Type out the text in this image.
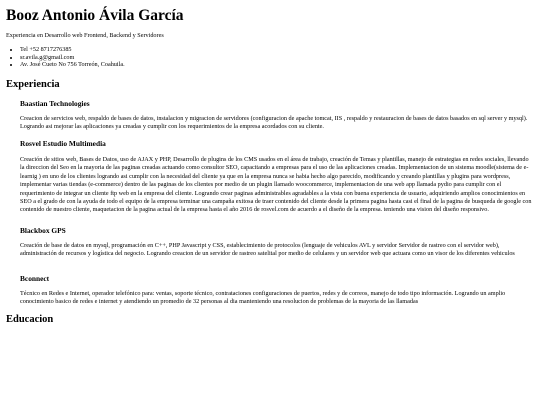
Booz Antonio Ávila García

Experiencia en Desarrollo web Frontend, Backend y Servidores

• Tel +52 8717276385
• sr.avila.g@gmail.com
• Av. José Cueto No 756 Torreón, Coahuila.
Experiencia
Baastian Technologies

Creacion de servicios web, respaldo de bases de datos, instalacion y migracion de servidores (configuracion de apache tomcat, IIS , respaldo y restauracion de bases de datos basados en sql server y mysql). Logrando asi mejorar las aplicaciones ya creadas y cumplir con los requerimientos de la empresa acordados con su cliente.

Rosvel Estudio Multimedia

Creación de sitios web, Bases de Datos, uso de AJAX y PHP, Desarrollo de plugins de los CMS usados en el área de trabajo, creación de Temas y plantillas, manejo de estrategias en redes sociales, llevando la direccion del Seo en la mayoria de las paginas creadas actuando como consultor SEO, capacitando a empresas para el uso de las aplicaciones creadas. Implementacion de un sistema moodle(sistema de e-learnig ) en uno de los clientes logrando asi cumplir con la necesidad del cliente ya que en la empresa nunca se habia hecho algo parecido, modificando y creando plantillas y plugins para wordpress, implementar varias tiendas (e-commerce) dentro de las paginas de los clientes por medio de un plugin llamado woocommerce, implementacion de una web app llamada pydio para cumplir con el requerimiento de integrar un cliente ftp web en la empresa del cliente. Logrando crear paginas administrables agradables a la vista con buena experiencia de usuario, adquiriendo amplios conocimientos en SEO a el grado de con la ayuda de todo el equipo de la empresa terminar una campaña exitosa de traer contenido del cliente desde la primera pagina hasta casi el final de la pagina de busqueda de google con contenido de nuestro cliente, maquetacion de la pagina actual de la empresa hasta el año 2016 de rosvel.com de acuerdo a el diseño de la empresa. teniendo una vision del diseño responsivo.

Blackbox GPS

Creación de base de datos en mysql, programación en C++, PHP Javascript y CSS, establecimiento de protocolos (lenguaje de vehiculos AVL y servidor Servidor de rastreo con el servidor web), administración de recursos y logística del negocio. Logrando creacion de un servidor de rastreo satelital por medio de celulares y un servidor web que actuara como un visor de los diferentes vehiculos

Bconnect

Técnico en Redes e Internet, operador telefónico para: ventas, soporte técnico, contrataciones configuraciones de puertos, redes y de correos, manejo de todo tipo información. Logrando un amplio conocimiento basico de redes e internet y atendiendo un promedio de 32 personas al dia manteniendo una resolucion de problemas de la mayoria de las llamadas

Educacion
